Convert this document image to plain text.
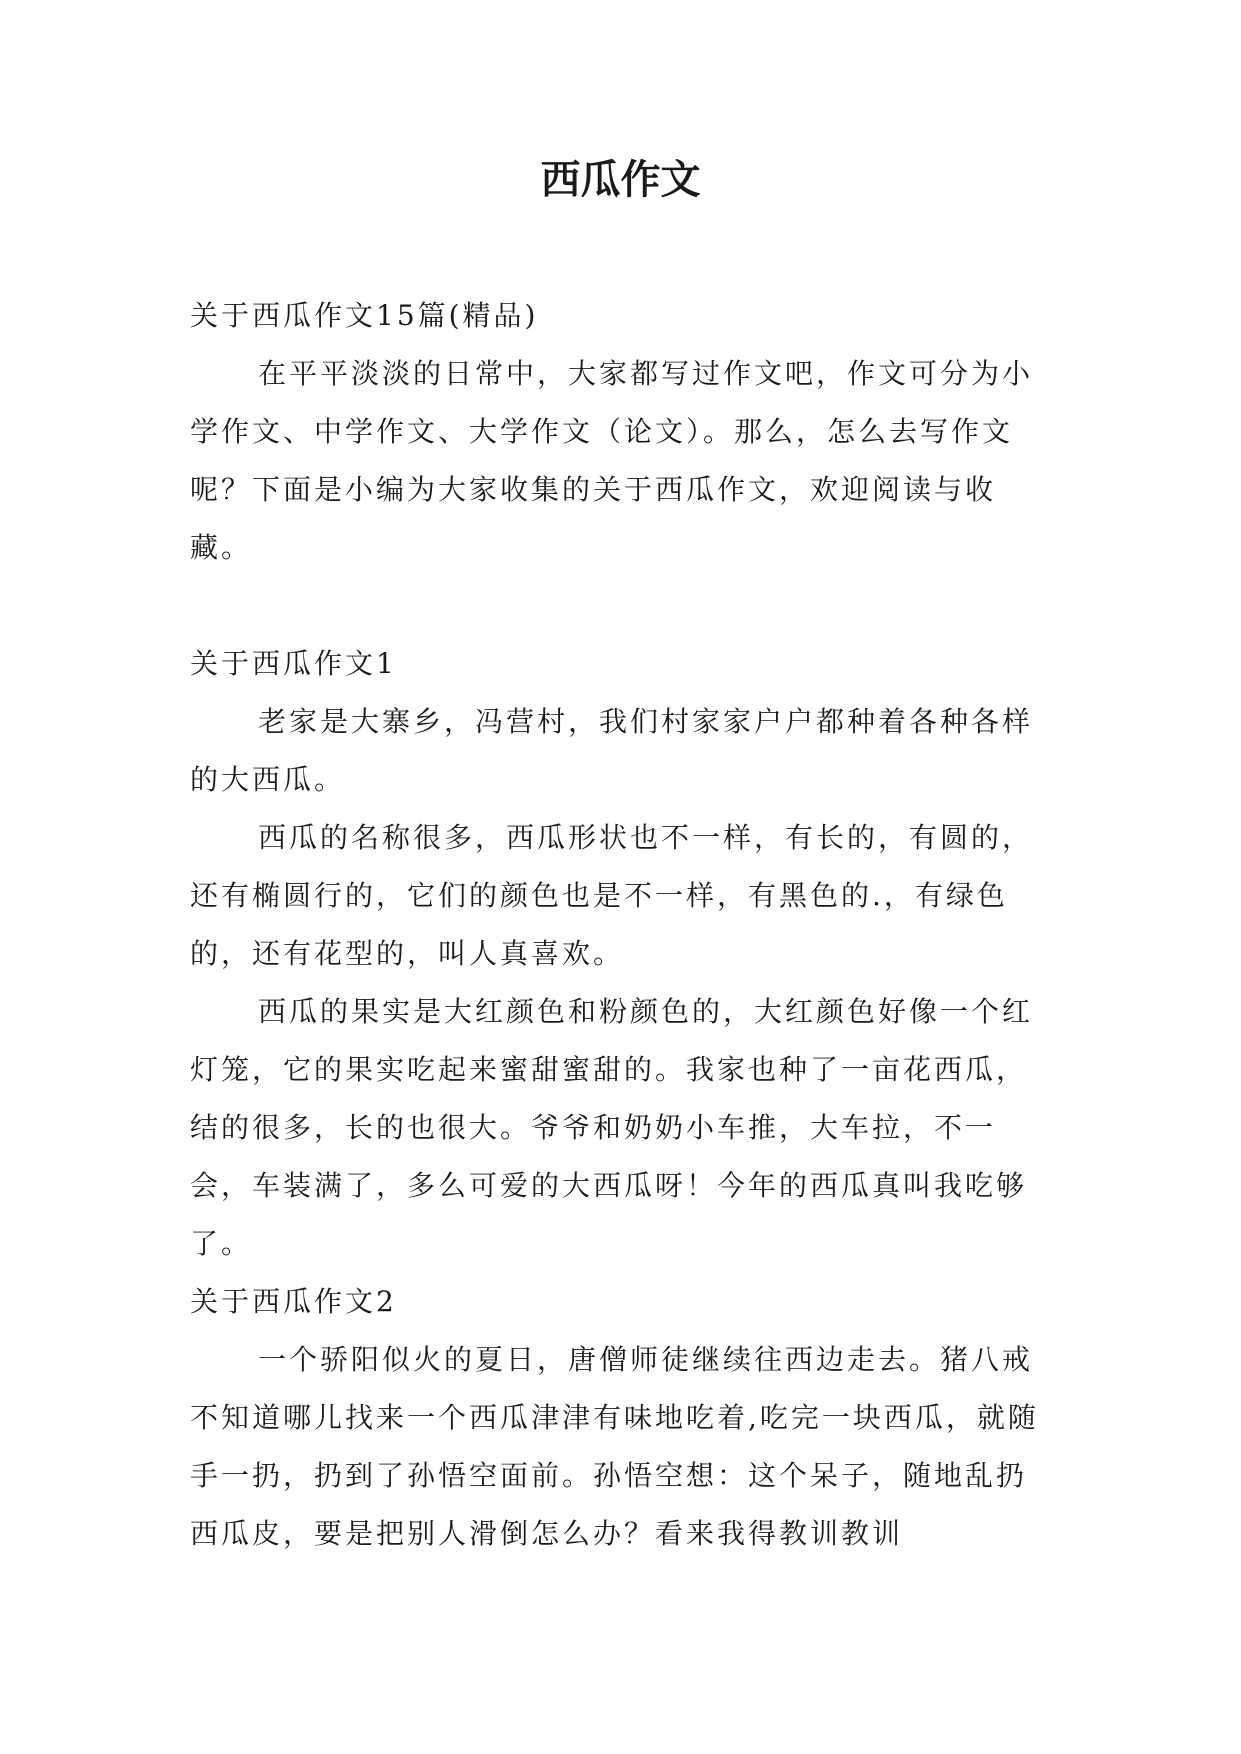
西瓜作文

关于西瓜作文15篇(精品)

在平平淡淡的日常中，大家都写过作文吧，作文可分为小学作文、中学作文、大学作文（论文）。那么，怎么去写作文呢？下面是小编为大家收集的关于西瓜作文，欢迎阅读与收藏。

关于西瓜作文1

老家是大寨乡，冯营村，我们村家家户户都种着各种各样的大西瓜。

西瓜的名称很多，西瓜形状也不一样，有长的，有圆的，还有椭圆行的，它们的颜色也是不一样，有黑色的.，有绿色的，还有花型的，叫人真喜欢。

西瓜的果实是大红颜色和粉颜色的，大红颜色好像一个红灯笼，它的果实吃起来蜜甜蜜甜的。我家也种了一亩花西瓜，结的很多，长的也很大。爷爷和奶奶小车推，大车拉，不一会，车装满了，多么可爱的大西瓜呀！今年的西瓜真叫我吃够了。

关于西瓜作文2

一个骄阳似火的夏日，唐僧师徒继续往西边走去。猪八戒不知道哪儿找来一个西瓜津津有味地吃着,吃完一块西瓜，就随手一扔，扔到了孙悟空面前。孙悟空想：这个呆子，随地乱扔西瓜皮，要是把别人滑倒怎么办？看来我得教训教训
